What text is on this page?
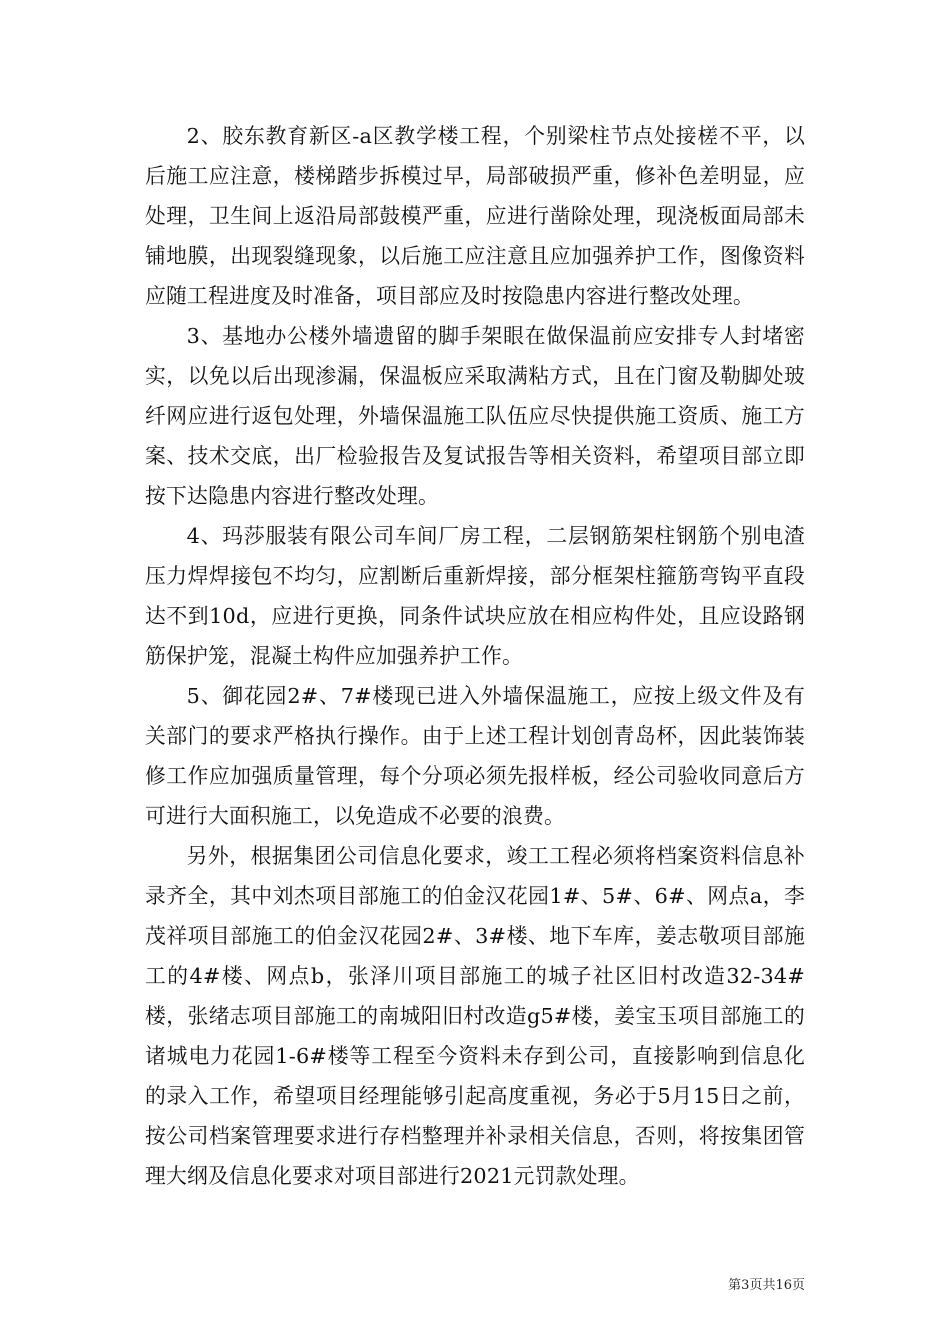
2、胶东教育新区-a区教学楼工程，个别梁柱节点处接槎不平，以后施工应注意，楼梯踏步拆模过早，局部破损严重，修补色差明显，应处理，卫生间上返沿局部鼓模严重，应进行凿除处理，现浇板面局部未铺地膜，出现裂缝现象，以后施工应注意且应加强养护工作，图像资料应随工程进度及时准备，项目部应及时按隐患内容进行整改处理。

3、基地办公楼外墙遗留的脚手架眼在做保温前应安排专人封堵密实，以免以后出现渗漏，保温板应采取满粘方式，且在门窗及勒脚处玻纤网应进行返包处理，外墙保温施工队伍应尽快提供施工资质、施工方案、技术交底，出厂检验报告及复试报告等相关资料，希望项目部立即按下达隐患内容进行整改处理。

4、玛莎服装有限公司车间厂房工程，二层钢筋架柱钢筋个别电渣压力焊焊接包不均匀，应割断后重新焊接，部分框架柱箍筋弯钩平直段达不到10d，应进行更换，同条件试块应放在相应构件处，且应设路钢筋保护笼，混凝土构件应加强养护工作。

5、御花园2#、7#楼现已进入外墙保温施工，应按上级文件及有关部门的要求严格执行操作。由于上述工程计划创青岛杯，因此装饰装修工作应加强质量管理，每个分项必须先报样板，经公司验收同意后方可进行大面积施工，以免造成不必要的浪费。

另外，根据集团公司信息化要求，竣工工程必须将档案资料信息补录齐全，其中刘杰项目部施工的伯金汉花园1#、5#、6#、网点a，李茂祥项目部施工的伯金汉花园2#、3#楼、地下车库，姜志敬项目部施工的4#楼、网点b，张泽川项目部施工的城子社区旧村改造32-34#楼，张绪志项目部施工的南城阳旧村改造g5#楼，姜宝玉项目部施工的诸城电力花园1-6#楼等工程至今资料未存到公司，直接影响到信息化的录入工作，希望项目经理能够引起高度重视，务必于5月15日之前，按公司档案管理要求进行存档整理并补录相关信息，否则，将按集团管理大纲及信息化要求对项目部进行2021元罚款处理。

第3页共16页
